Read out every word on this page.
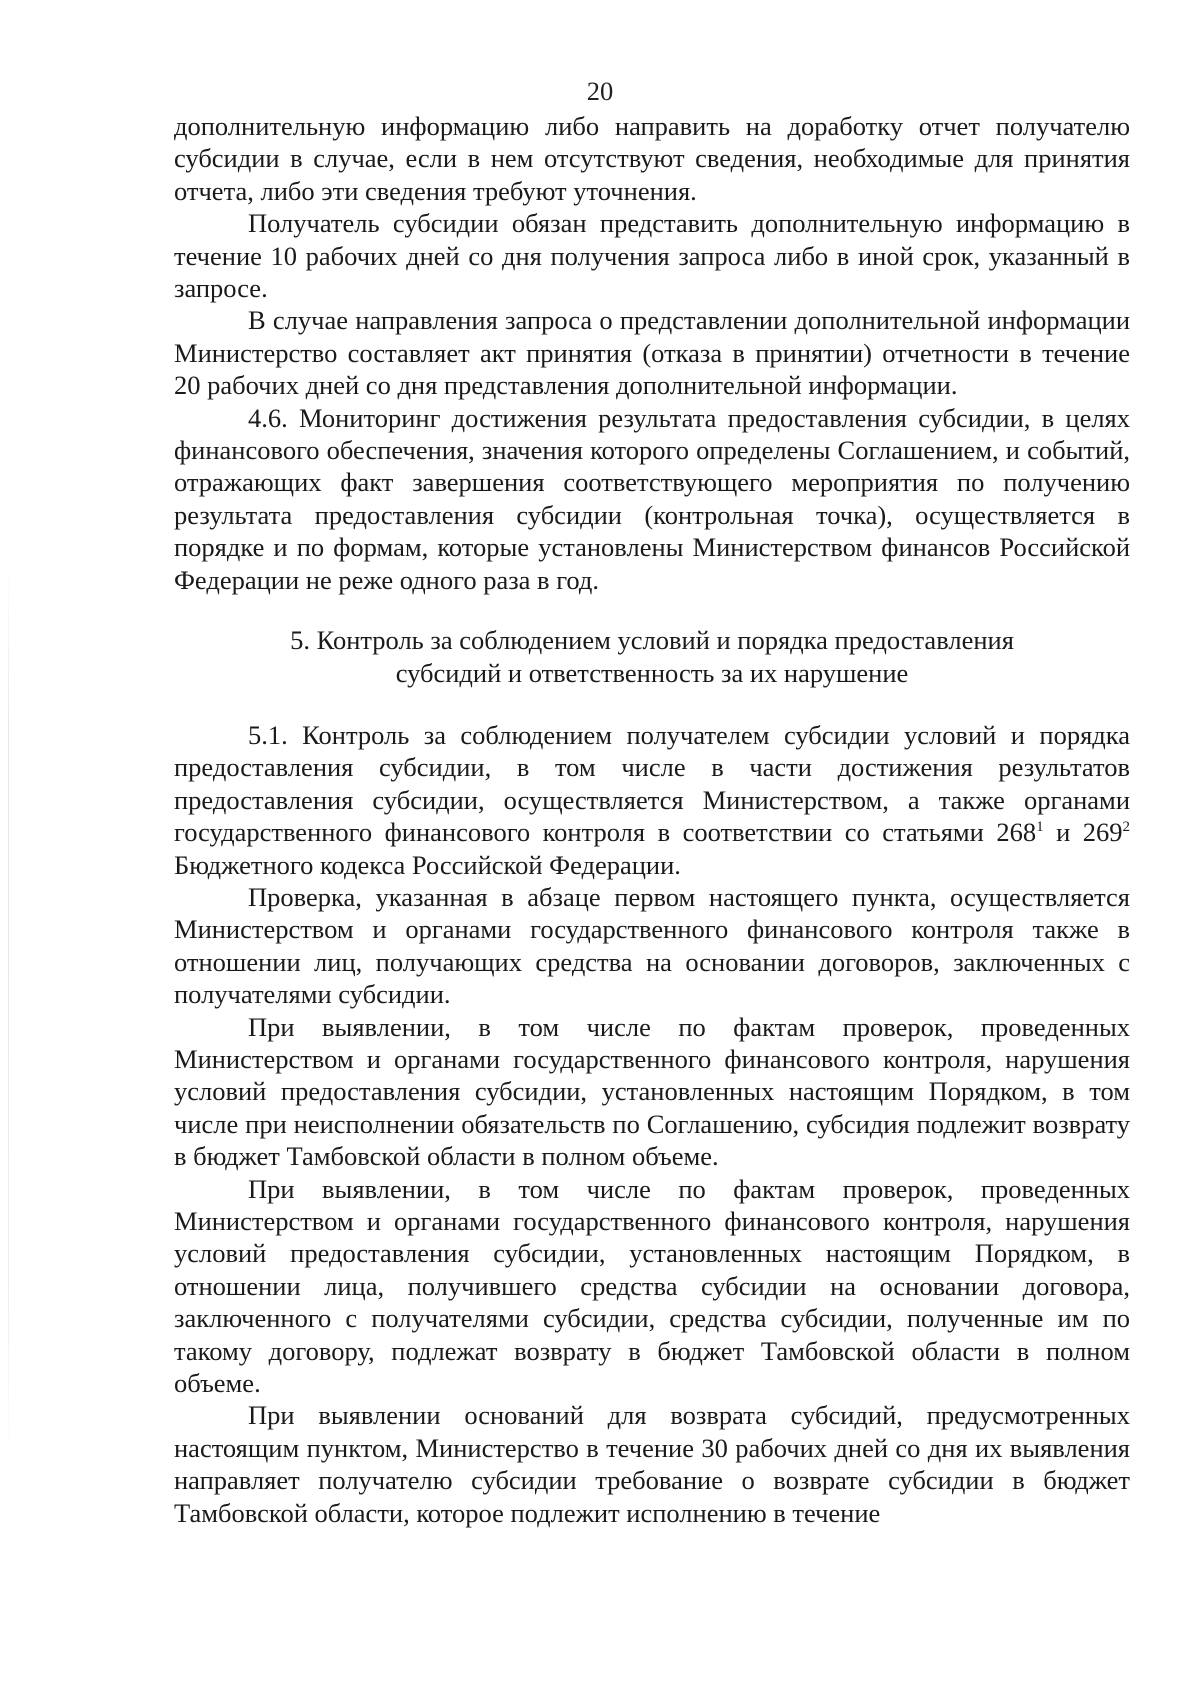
20

дополнительную информацию либо направить на доработку отчет получателю субсидии в случае, если в нем отсутствуют сведения, необходимые для принятия отчета, либо эти сведения требуют уточнения.

Получатель субсидии обязан представить дополнительную информацию в течение 10 рабочих дней со дня получения запроса либо в иной срок, указанный в запросе.

В случае направления запроса о представлении дополнительной информации Министерство составляет акт принятия (отказа в принятии) отчетности в течение 20 рабочих дней со дня представления дополнительной информации.

4.6. Мониторинг достижения результата предоставления субсидии, в целях финансового обеспечения, значения которого определены Соглашением, и событий, отражающих факт завершения соответствующего мероприятия по получению результата предоставления субсидии (контрольная точка), осуществляется в порядке и по формам, которые установлены Министерством финансов Российской Федерации не реже одного раза в год.

5. Контроль за соблюдением условий и порядка предоставления
субсидий и ответственность за их нарушение

5.1. Контроль за соблюдением получателем субсидии условий и порядка предоставления субсидии, в том числе в части достижения результатов предоставления субсидии, осуществляется Министерством, а также органами государственного финансового контроля в соответствии со статьями $268^1$ и $269^2$ Бюджетного кодекса Российской Федерации.

Проверка, указанная в абзаце первом настоящего пункта, осуществляется Министерством и органами государственного финансового контроля также в отношении лиц, получающих средства на основании договоров, заключенных с получателями субсидии.

При выявлении, в том числе по фактам проверок, проведенных Министерством и органами государственного финансового контроля, нарушения условий предоставления субсидии, установленных настоящим Порядком, в том числе при неисполнении обязательств по Соглашению, субсидия подлежит возврату в бюджет Тамбовской области в полном объеме.

При выявлении, в том числе по фактам проверок, проведенных Министерством и органами государственного финансового контроля, нарушения условий предоставления субсидии, установленных настоящим Порядком, в отношении лица, получившего средства субсидии на основании договора, заключенного с получателями субсидии, средства субсидии, полученные им по такому договору, подлежат возврату в бюджет Тамбовской области в полном объеме.

При выявлении оснований для возврата субсидий, предусмотренных настоящим пунктом, Министерство в течение 30 рабочих дней со дня их выявления направляет получателю субсидии требование о возврате субсидии в бюджет Тамбовской области, которое подлежит исполнению в течение
